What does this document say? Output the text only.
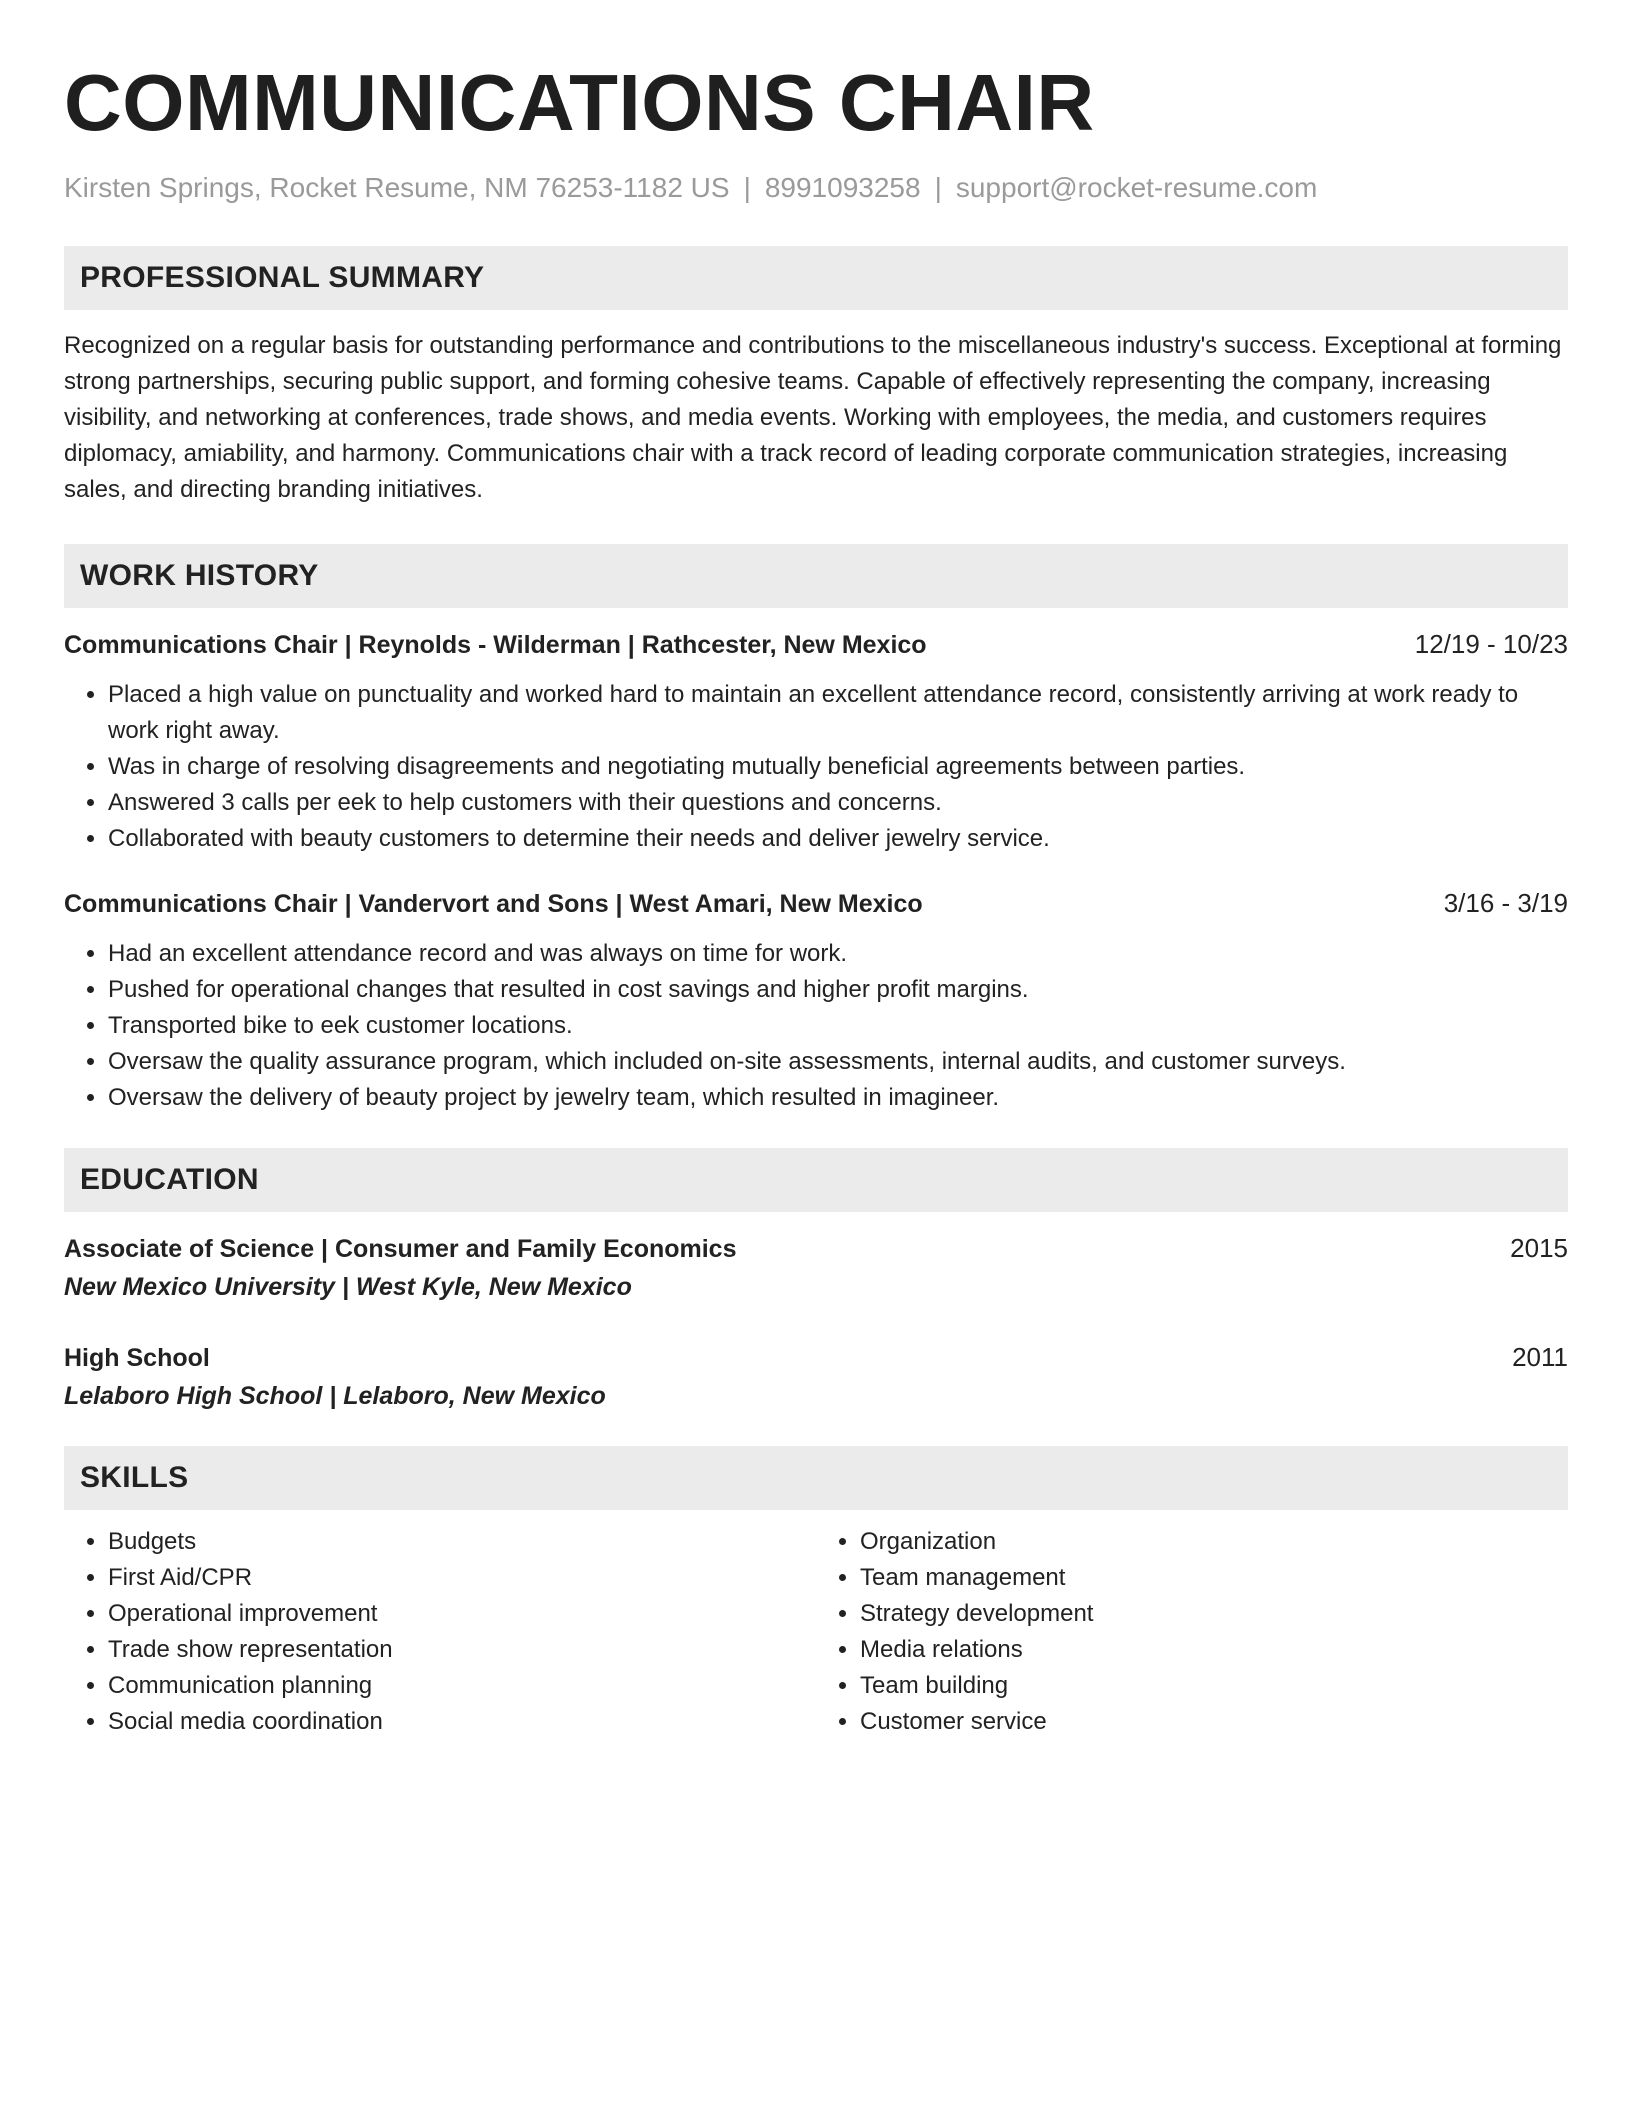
COMMUNICATIONS CHAIR
Kirsten Springs, Rocket Resume, NM 76253-1182 US | 8991093258 | support@rocket-resume.com
PROFESSIONAL SUMMARY

Recognized on a regular basis for outstanding performance and contributions to the miscellaneous industry's success. Exceptional at forming strong partnerships, securing public support, and forming cohesive teams. Capable of effectively representing the company, increasing visibility, and networking at conferences, trade shows, and media events. Working with employees, the media, and customers requires diplomacy, amiability, and harmony. Communications chair with a track record of leading corporate communication strategies, increasing sales, and directing branding initiatives.

WORK HISTORY
Communications Chair | Reynolds - Wilderman | Rathcester, New Mexico	12/19 - 10/23
• Placed a high value on punctuality and worked hard to maintain an excellent attendance record, consistently arriving at work ready to work right away.
• Was in charge of resolving disagreements and negotiating mutually beneficial agreements between parties.
• Answered 3 calls per eek to help customers with their questions and concerns.
• Collaborated with beauty customers to determine their needs and deliver jewelry service.
Communications Chair | Vandervort and Sons | West Amari, New Mexico	3/16 - 3/19
• Had an excellent attendance record and was always on time for work.
• Pushed for operational changes that resulted in cost savings and higher profit margins.
• Transported bike to eek customer locations.
• Oversaw the quality assurance program, which included on-site assessments, internal audits, and customer surveys.
• Oversaw the delivery of beauty project by jewelry team, which resulted in imagineer.
EDUCATION
Associate of Science | Consumer and Family Economics	2015
New Mexico University | West Kyle, New Mexico
High School	2011
Lelaboro High School | Lelaboro, New Mexico
SKILLS
• Budgets
• First Aid/CPR
• Operational improvement
• Trade show representation
• Communication planning
• Social media coordination
• Organization
• Team management
• Strategy development
• Media relations
• Team building
• Customer service
